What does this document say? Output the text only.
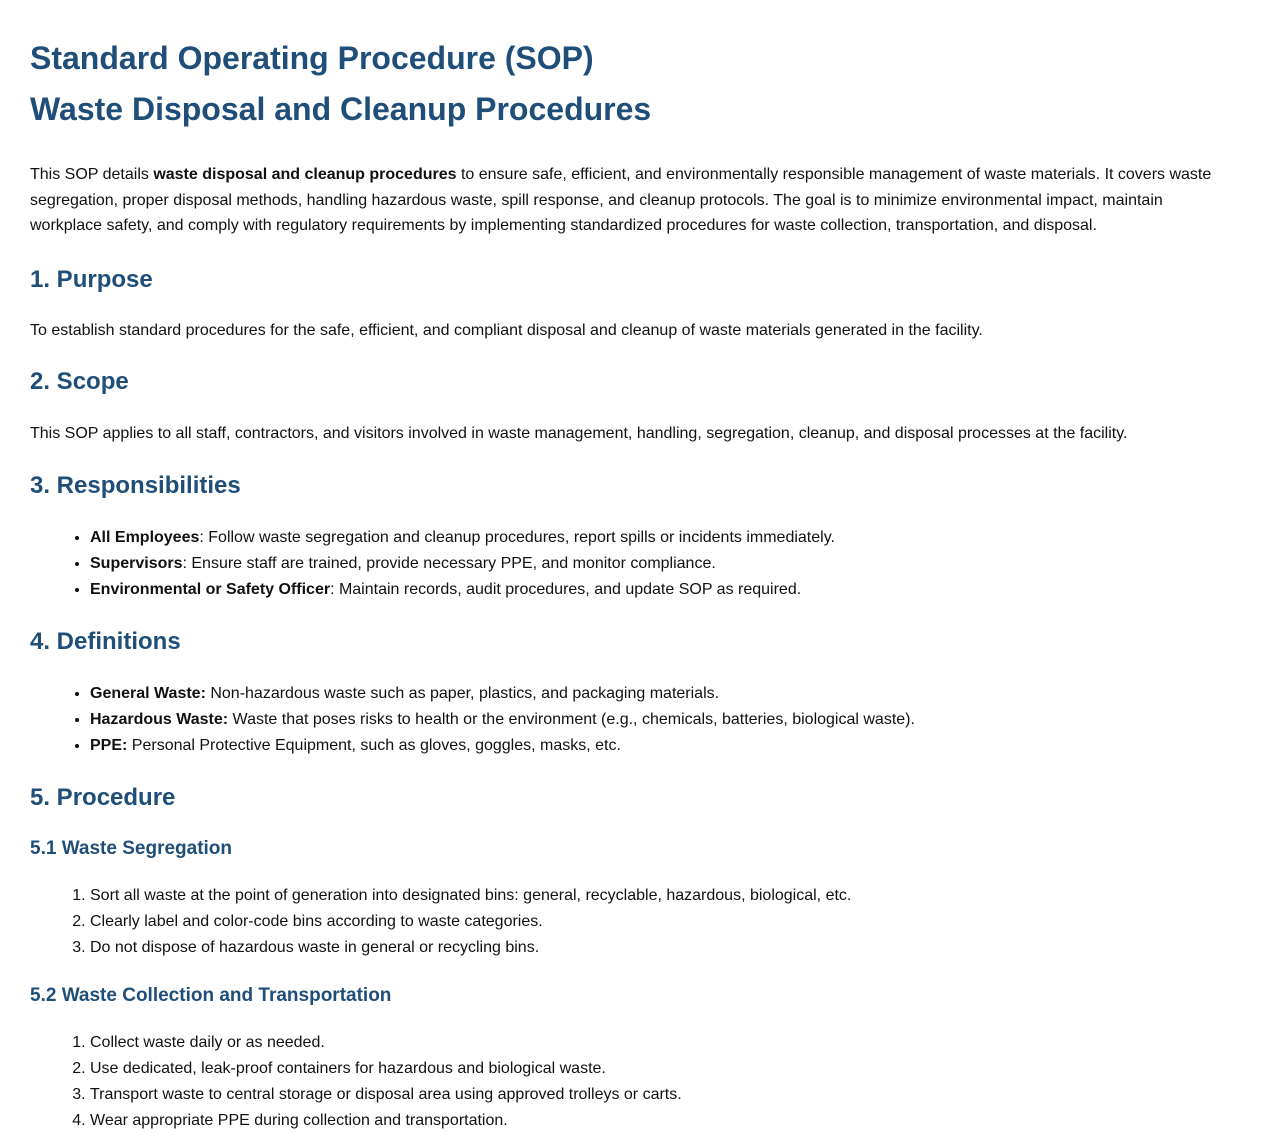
Standard Operating Procedure (SOP)
Waste Disposal and Cleanup Procedures

This SOP details waste disposal and cleanup procedures to ensure safe, efficient, and environmentally responsible management of waste materials. It covers waste segregation, proper disposal methods, handling hazardous waste, spill response, and cleanup protocols. The goal is to minimize environmental impact, maintain workplace safety, and comply with regulatory requirements by implementing standardized procedures for waste collection, transportation, and disposal.

1. Purpose

To establish standard procedures for the safe, efficient, and compliant disposal and cleanup of waste materials generated in the facility.

2. Scope

This SOP applies to all staff, contractors, and visitors involved in waste management, handling, segregation, cleanup, and disposal processes at the facility.

3. Responsibilities
• All Employees: Follow waste segregation and cleanup procedures, report spills or incidents immediately.
• Supervisors: Ensure staff are trained, provide necessary PPE, and monitor compliance.
• Environmental or Safety Officer: Maintain records, audit procedures, and update SOP as required.
4. Definitions
• General Waste: Non-hazardous waste such as paper, plastics, and packaging materials.
• Hazardous Waste: Waste that poses risks to health or the environment (e.g., chemicals, batteries, biological waste).
• PPE: Personal Protective Equipment, such as gloves, goggles, masks, etc.
5. Procedure
5.1 Waste Segregation
1. Sort all waste at the point of generation into designated bins: general, recyclable, hazardous, biological, etc.
2. Clearly label and color-code bins according to waste categories.
3. Do not dispose of hazardous waste in general or recycling bins.
5.2 Waste Collection and Transportation
1. Collect waste daily or as needed.
2. Use dedicated, leak-proof containers for hazardous and biological waste.
3. Transport waste to central storage or disposal area using approved trolleys or carts.
4. Wear appropriate PPE during collection and transportation.
